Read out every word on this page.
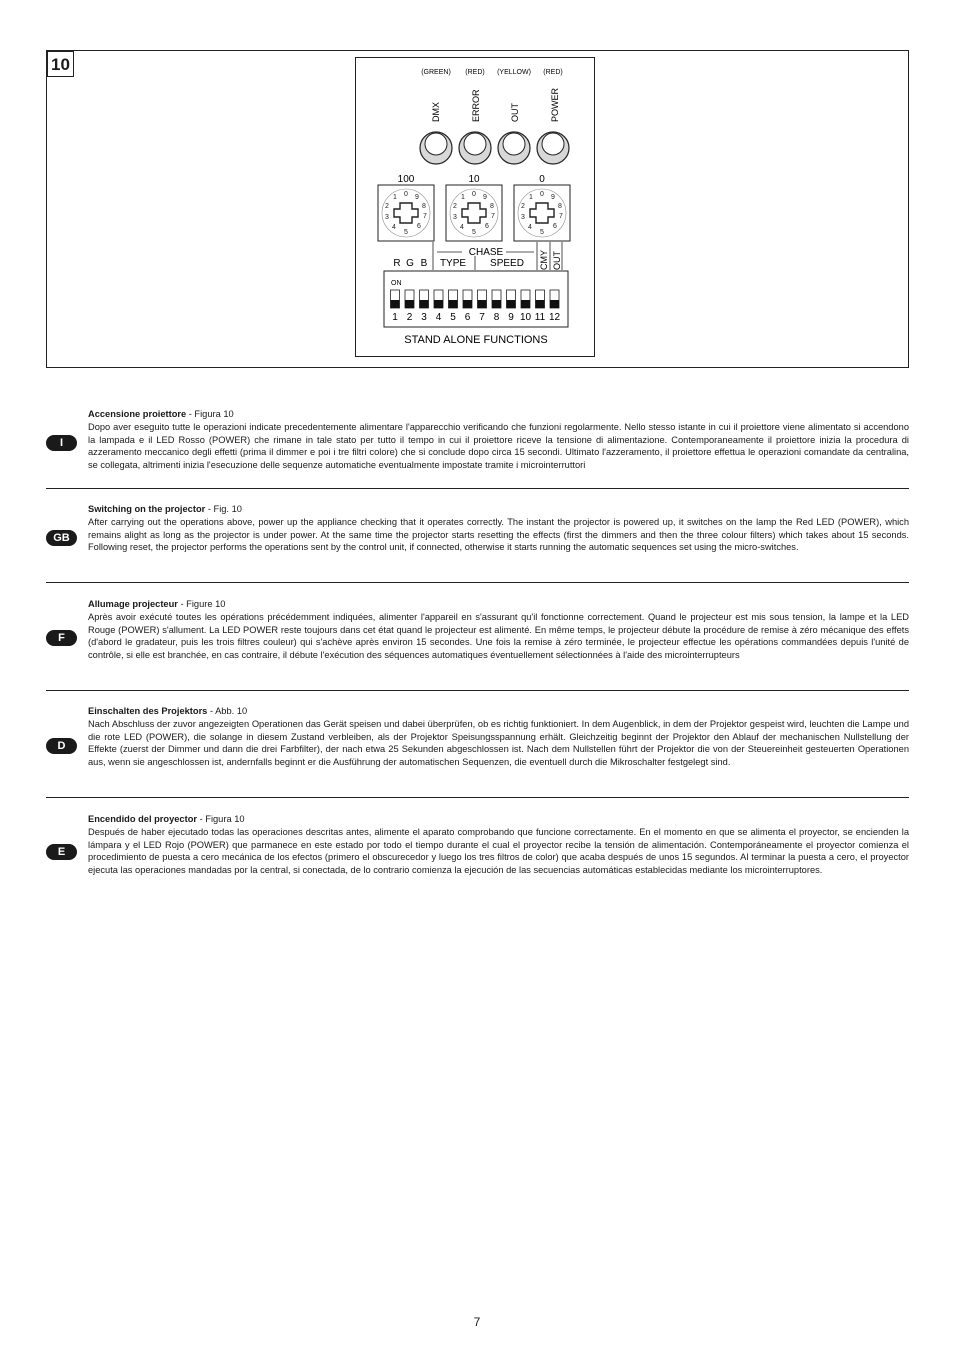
10	(GREEN) (RED) (YELLOW) (RED)
DMX	ERROR	OUT	POWER
100	10	0
0 9
8
7
6
5
4
3
2
1	0 9
8
7
6
5
4
3
2
1	0 9
8
7
6
5
4
3
2
1
CHASE
R G B TYPE SPEED CMY OUT
ON
1 2 3 4 5 6 7 8 9 10 11 12
STAND ALONE FUNCTIONS
I
Accensione proiettore - Figura 10
Dopo aver eseguito tutte le operazioni indicate precedentemente alimentare l'apparecchio verificando che funzioni regolarmente. Nello stesso istante in cui il proiettore viene alimentato si accendono la lampada e il LED Rosso (POWER) che rimane in tale stato per tutto il tempo in cui il proiettore riceve la tensione di alimentazione. Contemporaneamente il proiettore inizia la procedura di azzeramento meccanico degli effetti (prima il dimmer e poi i tre filtri colore) che si conclude dopo circa 15 secondi. Ultimato l'azzeramento, il proiettore effettua le operazioni comandate da centralina, se collegata, altrimenti inizia l'esecuzione delle sequenze automatiche eventualmente impostate tramite i microinterruttori
GB
Switching on the projector - Fig. 10
After carrying out the operations above, power up the appliance checking that it operates correctly. The instant the projector is powered up, it switches on the lamp the Red LED (POWER), which remains alight as long as the projector is under power. At the same time the projector starts resetting the effects (first the dimmers and then the three colour filters) which takes about 15 seconds. Following reset, the projector performs the operations sent by the control unit, if connected, otherwise it starts running the automatic sequences set using the micro-switches.
F
Allumage projecteur - Figure 10
Après avoir exécuté toutes les opérations précédemment indiquées, alimenter l'appareil en s'assurant qu'il fonctionne correctement. Quand le projecteur est mis sous tension, la lampe et la LED Rouge (POWER) s'allument. La LED POWER reste toujours dans cet état quand le projecteur est alimenté. En même temps, le projecteur débute la procédure de remise à zéro mécanique des effets (d'abord le gradateur, puis les trois filtres couleur) qui s'achève après environ 15 secondes. Une fois la remise à zéro terminée, le projecteur effectue les opérations commandées depuis l'unité de contrôle, si elle est branchée, en cas contraire, il débute l'exécution des séquences automatiques éventuellement sélectionnées à l'aide des microinterrupteurs
D
Einschalten des Projektors - Abb. 10
Nach Abschluss der zuvor angezeigten Operationen das Gerät speisen und dabei überprüfen, ob es richtig funktioniert. In dem Augenblick, in dem der Projektor gespeist wird, leuchten die Lampe und die rote LED (POWER), die solange in diesem Zustand verbleiben, als der Projektor Speisungsspannung erhält. Gleichzeitig beginnt der Projektor den Ablauf der mechanischen Nullstellung der Effekte (zuerst der Dimmer und dann die drei Farbfilter), der nach etwa 25 Sekunden abgeschlossen ist. Nach dem Nullstellen führt der Projektor die von der Steuereinheit gesteuerten Operationen aus, wenn sie angeschlossen ist, andernfalls beginnt er die Ausführung der automatischen Sequenzen, die eventuell durch die Mikroschalter festgelegt sind.
E
Encendido del proyector - Figura 10
Después de haber ejecutado todas las operaciones descritas antes, alimente el aparato comprobando que funcione correctamente. En el momento en que se alimenta el proyector, se encienden la lámpara y el LED Rojo (POWER) que parmanece en este estado por todo el tiempo durante el cual el proyector recibe la tensión de alimentación. Contemporáneamente el proyector comienza el procedimiento de puesta a cero mecánica de los efectos (primero el obscurecedor y luego los tres filtros de color) que acaba después de unos 15 segundos. Al terminar la puesta a cero, el proyector ejecuta las operaciones mandadas por la central, si conectada, de lo contrario comienza la ejecución de las secuencias automáticas establecidas mediante los microinterruptores.
7
